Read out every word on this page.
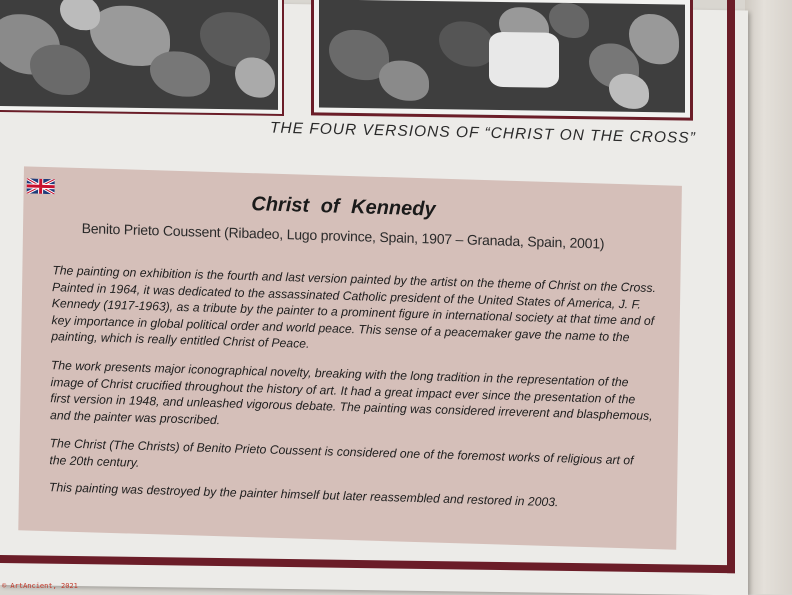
THE FOUR VERSIONS OF “CHRIST ON THE CROSS”
Christ of Kennedy
Benito Prieto Coussent (Ribadeo, Lugo province, Spain, 1907 – Granada, Spain, 2001)

The painting on exhibition is the fourth and last version painted by the artist on the theme of Christ on the Cross. Painted in 1964, it was dedicated to the assassinated Catholic president of the United States of America, J. F. Kennedy (1917-1963), as a tribute by the painter to a prominent figure in international society at that time and of key importance in global political order and world peace. This sense of a peacemaker gave the name to the painting, which is really entitled Christ of Peace.

The work presents major iconographical novelty, breaking with the long tradition in the representation of the image of Christ crucified throughout the history of art. It had a great impact ever since the presentation of the first version in 1948, and unleashed vigorous debate. The painting was considered irreverent and blasphemous, and the painter was proscribed.

The Christ (The Christs) of Benito Prieto Coussent is considered one of the foremost works of religious art of the 20th century.

This painting was destroyed by the painter himself but later reassembled and restored in 2003.

© ArtAncient, 2021
